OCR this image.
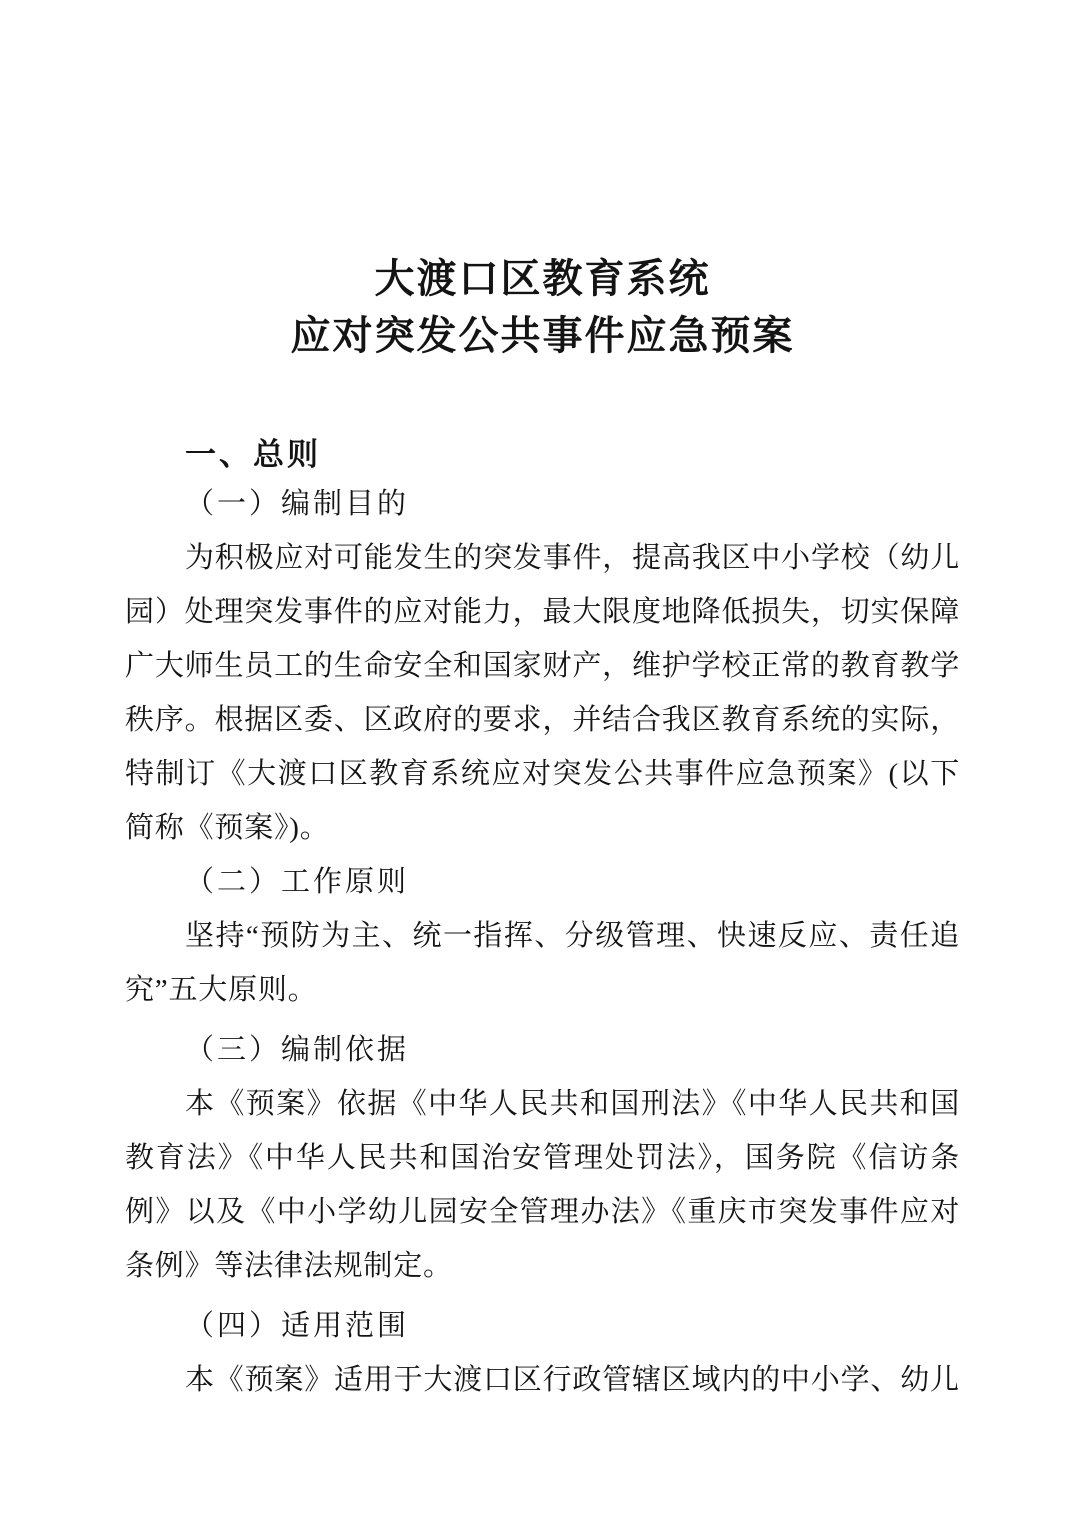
大渡口区教育系统
应对突发公共事件应急预案
一、总则
（一）编制目的

为积极应对可能发生的突发事件，提高我区中小学校（幼儿园）处理突发事件的应对能力，最大限度地降低损失，切实保障广大师生员工的生命安全和国家财产，维护学校正常的教育教学秩序。根据区委、区政府的要求，并结合我区教育系统的实际，特制订《大渡口区教育系统应对突发公共事件应急预案》(以下简称《预案》)。

（二）工作原则

坚持“预防为主、统一指挥、分级管理、快速反应、责任追究”五大原则。

（三）编制依据

本《预案》依据《中华人民共和国刑法》《中华人民共和国教育法》《中华人民共和国治安管理处罚法》，国务院《信访条例》以及《中小学幼儿园安全管理办法》《重庆市突发事件应对条例》等法律法规制定。

（四）适用范围

本《预案》适用于大渡口区行政管辖区域内的中小学、幼儿
